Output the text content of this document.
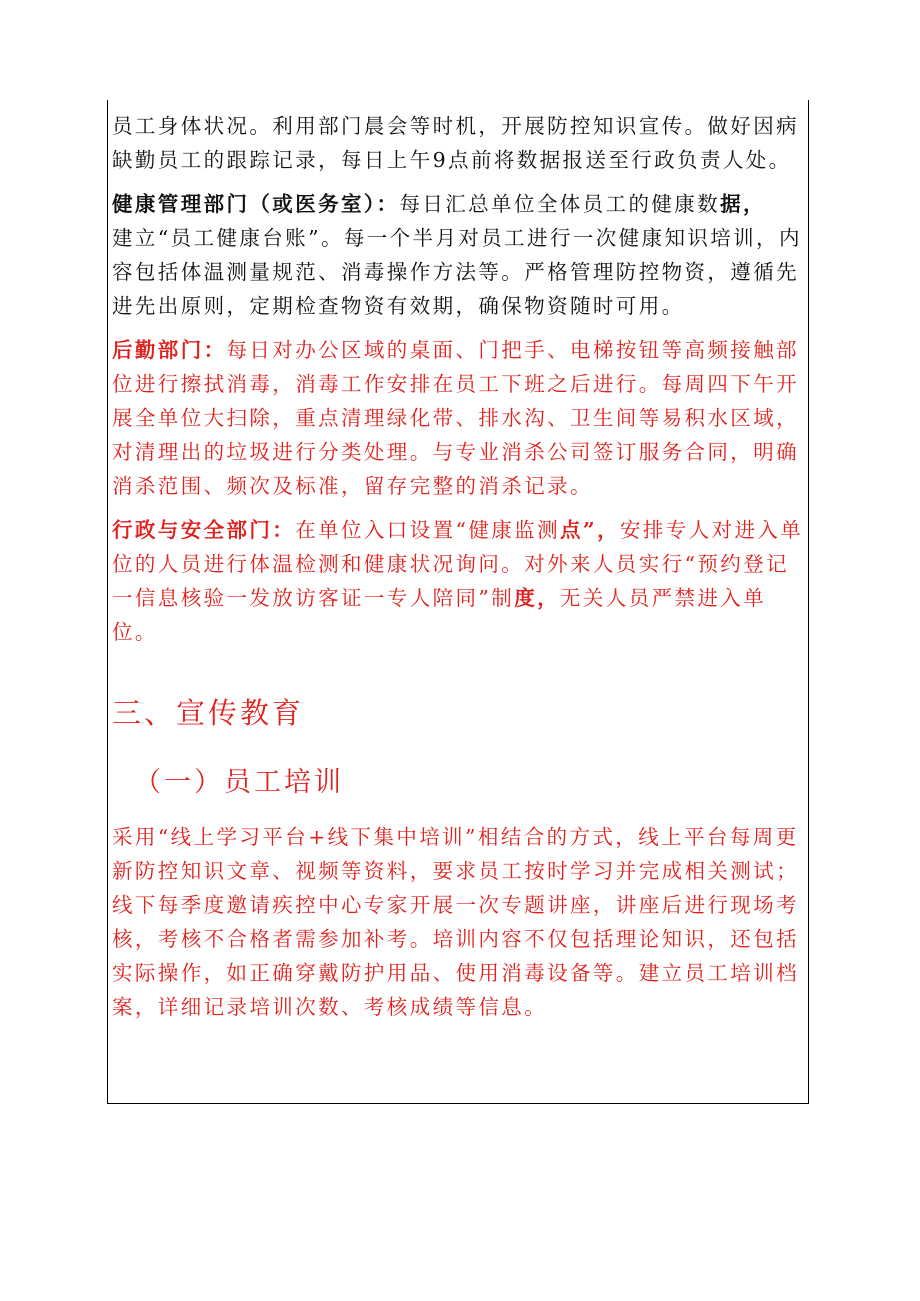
员工身体状况。利用部门晨会等时机，开展防控知识宣传。做好因病缺勤员工的跟踪记录，每日上午9点前将数据报送至行政负责人处。

健康管理部门（或医务室）：每日汇总单位全体员工的健康数据，
建立“员工健康台账”。每一个半月对员工进行一次健康知识培训，内容包括体温测量规范、消毒操作方法等。严格管理防控物资，遵循先进先出原则，定期检查物资有效期，确保物资随时可用。

后勤部门：每日对办公区域的桌面、门把手、电梯按钮等高频接触部位进行擦拭消毒，消毒工作安排在员工下班之后进行。每周四下午开展全单位大扫除，重点清理绿化带、排水沟、卫生间等易积水区域，对清理出的垃圾进行分类处理。与专业消杀公司签订服务合同，明确消杀范围、频次及标准，留存完整的消杀记录。

行政与安全部门：在单位入口设置“健康监测点”，安排专人对进入单位的人员进行体温检测和健康状况询问。对外来人员实行“预约登记一信息核验一发放访客证一专人陪同”制度，无关人员严禁进入单位。

三、宣传教育
（一）员工培训

采用“线上学习平台+线下集中培训”相结合的方式，线上平台每周更新防控知识文章、视频等资料，要求员工按时学习并完成相关测试；线下每季度邀请疾控中心专家开展一次专题讲座，讲座后进行现场考核，考核不合格者需参加补考。培训内容不仅包括理论知识，还包括实际操作，如正确穿戴防护用品、使用消毒设备等。建立员工培训档案，详细记录培训次数、考核成绩等信息。
